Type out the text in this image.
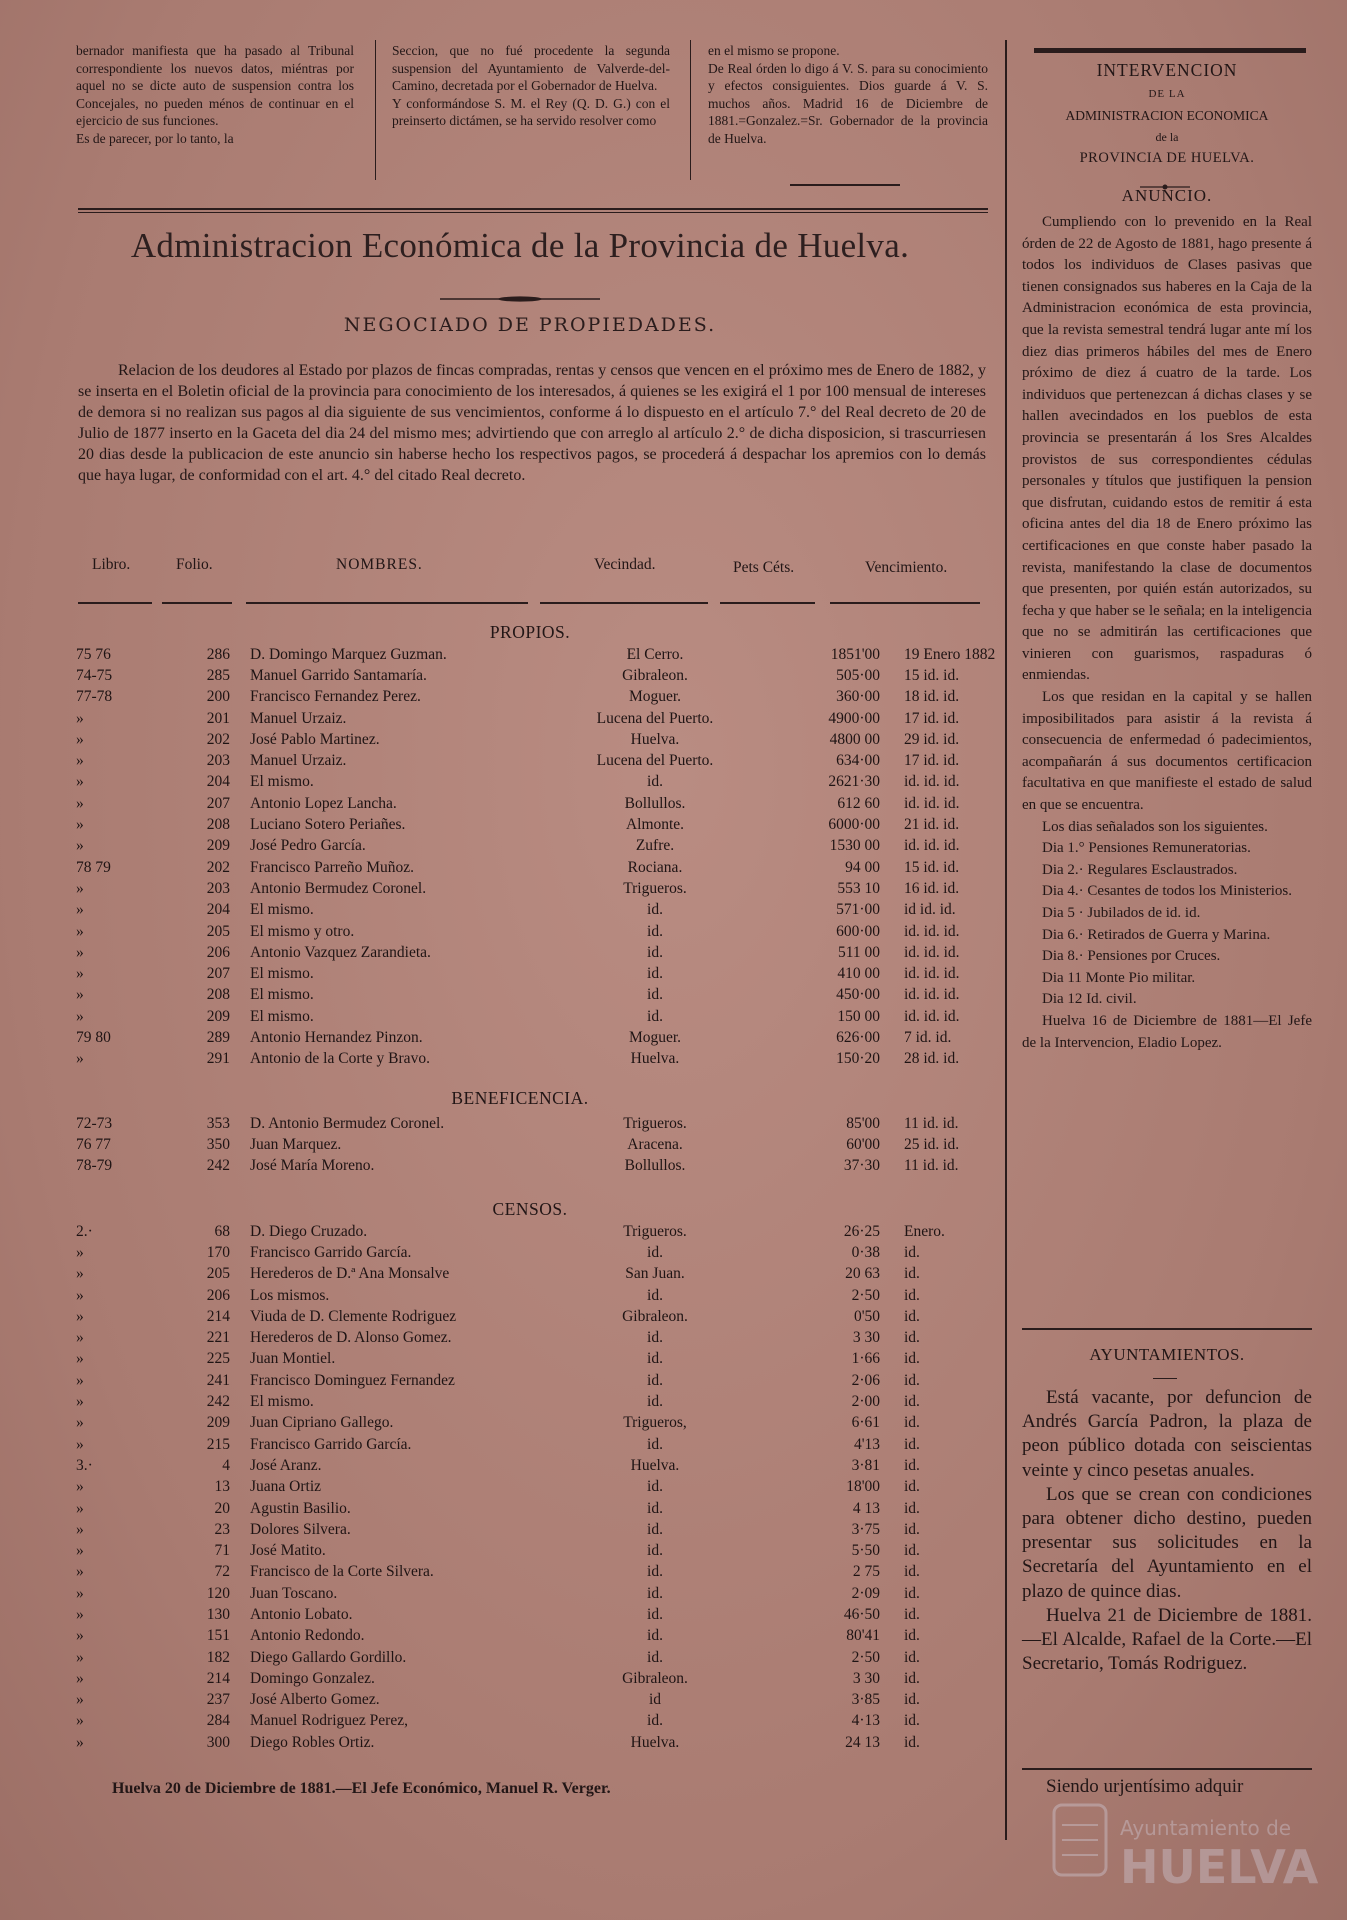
bernador manifiesta que ha pasado al Tribunal correspondiente los nuevos datos, miéntras por aquel no se dicte auto de suspension contra los Concejales, no pueden ménos de continuar en el ejercicio de sus funciones.
Es de parecer, por lo tanto, la
Seccion, que no fué procedente la segunda suspension del Ayuntamiento de Valverde-del-Camino, decretada por el Gobernador de Huelva.
Y conformándose S. M. el Rey (Q. D. G.) con el preinserto dictámen, se ha servido resolver como
en el mismo se propone.
De Real órden lo digo á V. S. para su conocimiento y efectos consiguientes. Dios guarde á V. S. muchos años. Madrid 16 de Diciembre de 1881.=Gonzalez.=Sr. Gobernador de la provincia de Huelva.
Administracion Económica de la Provincia de Huelva.
NEGOCIADO DE PROPIEDADES.
Relacion de los deudores al Estado por plazos de fincas compradas, rentas y censos que vencen en el próximo mes de Enero de 1882, y se inserta en el Boletin oficial de la provincia para conocimiento de los interesados, á quienes se les exigirá el 1 por 100 mensual de intereses de demora si no realizan sus pagos al dia siguiente de sus vencimientos, conforme á lo dispuesto en el artículo 7.° del Real decreto de 20 de Julio de 1877 inserto en la Gaceta del dia 24 del mismo mes; advirtiendo que con arreglo al artículo 2.° de dicha disposicion, si trascurriesen 20 dias desde la publicacion de este anuncio sin haberse hecho los respectivos pagos, se procederá á despachar los apremios con lo demás que haya lugar, de conformidad con el art. 4.° del citado Real decreto.
Libro.	Folio.	NOMBRES.	Vecindad.	Pets Céts.	Vencimiento.
PROPIOS.
75 76	286	D. Domingo Marquez Guzman.	El Cerro.	1851'00	19 Enero 1882
74-75	285	Manuel Garrido Santamaría.	Gibraleon.	505·00	15 id. id.
77-78	200	Francisco Fernandez Perez.	Moguer.	360·00	18 id. id.
»	201	Manuel Urzaiz.	Lucena del Puerto.	4900·00	17 id. id.
»	202	José Pablo Martinez.	Huelva.	4800 00	29 id. id.
»	203	Manuel Urzaiz.	Lucena del Puerto.	634·00	17 id. id.
»	204	El mismo.	id.	2621·30	id. id. id.
»	207	Antonio Lopez Lancha.	Bollullos.	612 60	id. id. id.
»	208	Luciano Sotero Periañes.	Almonte.	6000·00	21 id. id.
»	209	José Pedro García.	Zufre.	1530 00	id. id. id.
78 79	202	Francisco Parreño Muñoz.	Rociana.	94 00	15 id. id.
»	203	Antonio Bermudez Coronel.	Trigueros.	553 10	16 id. id.
»	204	El mismo.	id.	571·00	id id. id.
»	205	El mismo y otro.	id.	600·00	id. id. id.
»	206	Antonio Vazquez Zarandieta.	id.	511 00	id. id. id.
»	207	El mismo.	id.	410 00	id. id. id.
»	208	El mismo.	id.	450·00	id. id. id.
»	209	El mismo.	id.	150 00	id. id. id.
79 80	289	Antonio Hernandez Pinzon.	Moguer.	626·00	7 id. id.
»	291	Antonio de la Corte y Bravo.	Huelva.	150·20	28 id. id.
BENEFICENCIA.
72-73	353	D. Antonio Bermudez Coronel.	Trigueros.	85'00	11 id. id.
76 77	350	Juan Marquez.	Aracena.	60'00	25 id. id.
78-79	242	José María Moreno.	Bollullos.	37·30	11 id. id.
CENSOS.
2.·	68	D. Diego Cruzado.	Trigueros.	26·25	Enero.
»	170	Francisco Garrido García.	id.	0·38	id.
»	205	Herederos de D.ª Ana Monsalve	San Juan.	20 63	id.
»	206	Los mismos.	id.	2·50	id.
»	214	Viuda de D. Clemente Rodriguez	Gibraleon.	0'50	id.
»	221	Herederos de D. Alonso Gomez.	id.	3 30	id.
»	225	Juan Montiel.	id.	1·66	id.
»	241	Francisco Dominguez Fernandez	id.	2·06	id.
»	242	El mismo.	id.	2·00	id.
»	209	Juan Cipriano Gallego.	Trigueros,	6·61	id.
»	215	Francisco Garrido García.	id.	4'13	id.
3.·	4	José Aranz.	Huelva.	3·81	id.
»	13	Juana Ortiz	id.	18'00	id.
»	20	Agustin Basilio.	id.	4 13	id.
»	23	Dolores Silvera.	id.	3·75	id.
»	71	José Matito.	id.	5·50	id.
»	72	Francisco de la Corte Silvera.	id.	2 75	id.
»	120	Juan Toscano.	id.	2·09	id.
»	130	Antonio Lobato.	id.	46·50	id.
»	151	Antonio Redondo.	id.	80'41	id.
»	182	Diego Gallardo Gordillo.	id.	2·50	id.
»	214	Domingo Gonzalez.	Gibraleon.	3 30	id.
»	237	José Alberto Gomez.	id	3·85	id.
»	284	Manuel Rodriguez Perez,	id.	4·13	id.
»	300	Diego Robles Ortiz.	Huelva.	24 13	id.
Huelva 20 de Diciembre de 1881.—El Jefe Económico, Manuel R. Verger.
INTERVENCION
DE LA
ADMINISTRACION ECONOMICA
de la
PROVINCIA DE HUELVA.
ANUNCIO.

Cumpliendo con lo prevenido en la Real órden de 22 de Agosto de 1881, hago presente á todos los individuos de Clases pasivas que tienen consignados sus haberes en la Caja de la Administracion económica de esta provincia, que la revista semestral tendrá lugar ante mí los diez dias primeros hábiles del mes de Enero próximo de diez á cuatro de la tarde. Los individuos que pertenezcan á dichas clases y se hallen avecindados en los pueblos de esta provincia se presentarán á los Sres Alcaldes provistos de sus correspondientes cédulas personales y títulos que justifiquen la pension que disfrutan, cuidando estos de remitir á esta oficina antes del dia 18 de Enero próximo las certificaciones en que conste haber pasado la revista, manifestando la clase de documentos que presenten, por quién están autorizados, su fecha y que haber se le señala; en la inteligencia que no se admitirán las certificaciones que vinieren con guarismos, raspaduras ó enmiendas.

Los que residan en la capital y se hallen imposibilitados para asistir á la revista á consecuencia de enfermedad ó padecimientos, acompañarán á sus documentos certificacion facultativa en que manifieste el estado de salud en que se encuentra.

Los dias señalados son los siguientes.

Dia 1.° Pensiones Remuneratorias.

Dia 2.· Regulares Esclaustrados.

Dia 4.· Cesantes de todos los Ministerios.

Dia 5 · Jubilados de id. id.

Dia 6.· Retirados de Guerra y Marina.

Dia 8.· Pensiones por Cruces.

Dia 11 Monte Pio militar.

Dia 12 Id. civil.

Huelva 16 de Diciembre de 1881—El Jefe de la Intervencion, Eladio Lopez.

AYUNTAMIENTOS.

Está vacante, por defuncion de Andrés García Padron, la plaza de peon público dotada con seiscientas veinte y cinco pesetas anuales.

Los que se crean con condiciones para obtener dicho destino, pueden presentar sus solicitudes en la Secretaría del Ayuntamiento en el plazo de quince dias.

Huelva 21 de Diciembre de 1881.—El Alcalde, Rafael de la Corte.—El Secretario, Tomás Rodriguez.

Siendo urjentísimo adquir
Ayuntamiento de
HUELVA
